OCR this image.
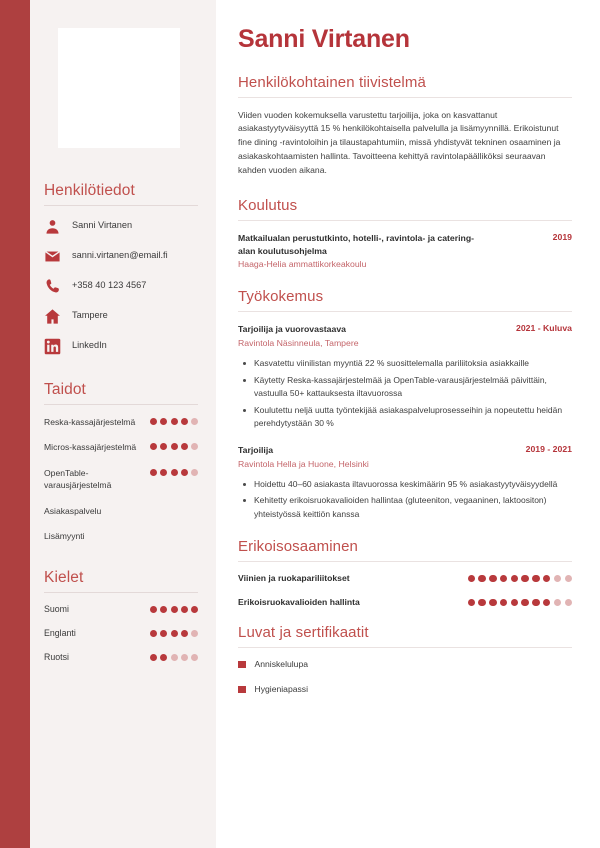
Henkilötiedot
Sanni Virtanen
sanni.virtanen@email.fi
+358 40 123 4567
Tampere
LinkedIn
Taidot
Reska-kassajärjestelmä
Micros-kassajärjestelmä
OpenTable-varausjärjestelmä
Asiakaspalvelu
Lisämyynti
Kielet
Suomi
Englanti
Ruotsi
Sanni Virtanen
Henkilökohtainen tiivistelmä

Viiden vuoden kokemuksella varustettu tarjoilija, joka on kasvattanut asiakastyytyväisyyttä 15 % henkilökohtaisella palvelulla ja lisämyynnillä. Erikoistunut fine dining -ravintoloihin ja tilaustapahtumiin, missä yhdistyvät tekninen osaaminen ja asiakaskohtaamisten hallinta. Tavoitteena kehittyä ravintolapäälliköksi seuraavan kahden vuoden aikana.

Koulutus
Matkailualan perustutkinto, hotelli-, ravintola- ja catering-alan koulutusohjelma
2019
Haaga-Helia ammattikorkeakoulu
Työkokemus
Tarjoilija ja vuorovastaava	2021 - Kuluva
Ravintola Näsinneula, Tampere
Kasvatettu viinilistan myyntiä 22 % suosittelemalla pariliitoksia asiakkaille
Käytetty Reska-kassajärjestelmää ja OpenTable-varausjärjestelmää päivittäin, vastuulla 50+ kattauksesta iltavuorossa
Koulutettu neljä uutta työntekijää asiakaspalveluprosesseihin ja nopeutettu heidän perehdytystään 30 %
Tarjoilija	2019 - 2021
Ravintola Hella ja Huone, Helsinki
Hoidettu 40–60 asiakasta iltavuorossa keskimäärin 95 % asiakastyytyväisyydellä
Kehitetty erikoisruokavalioiden hallintaa (gluteeniton, vegaaninen, laktoositon) yhteistyössä keittiön kanssa
Erikoisosaaminen
Viinien ja ruokapariliitokset
Erikoisruokavalioiden hallinta
Luvat ja sertifikaatit
Anniskelulupa
Hygieniapassi
